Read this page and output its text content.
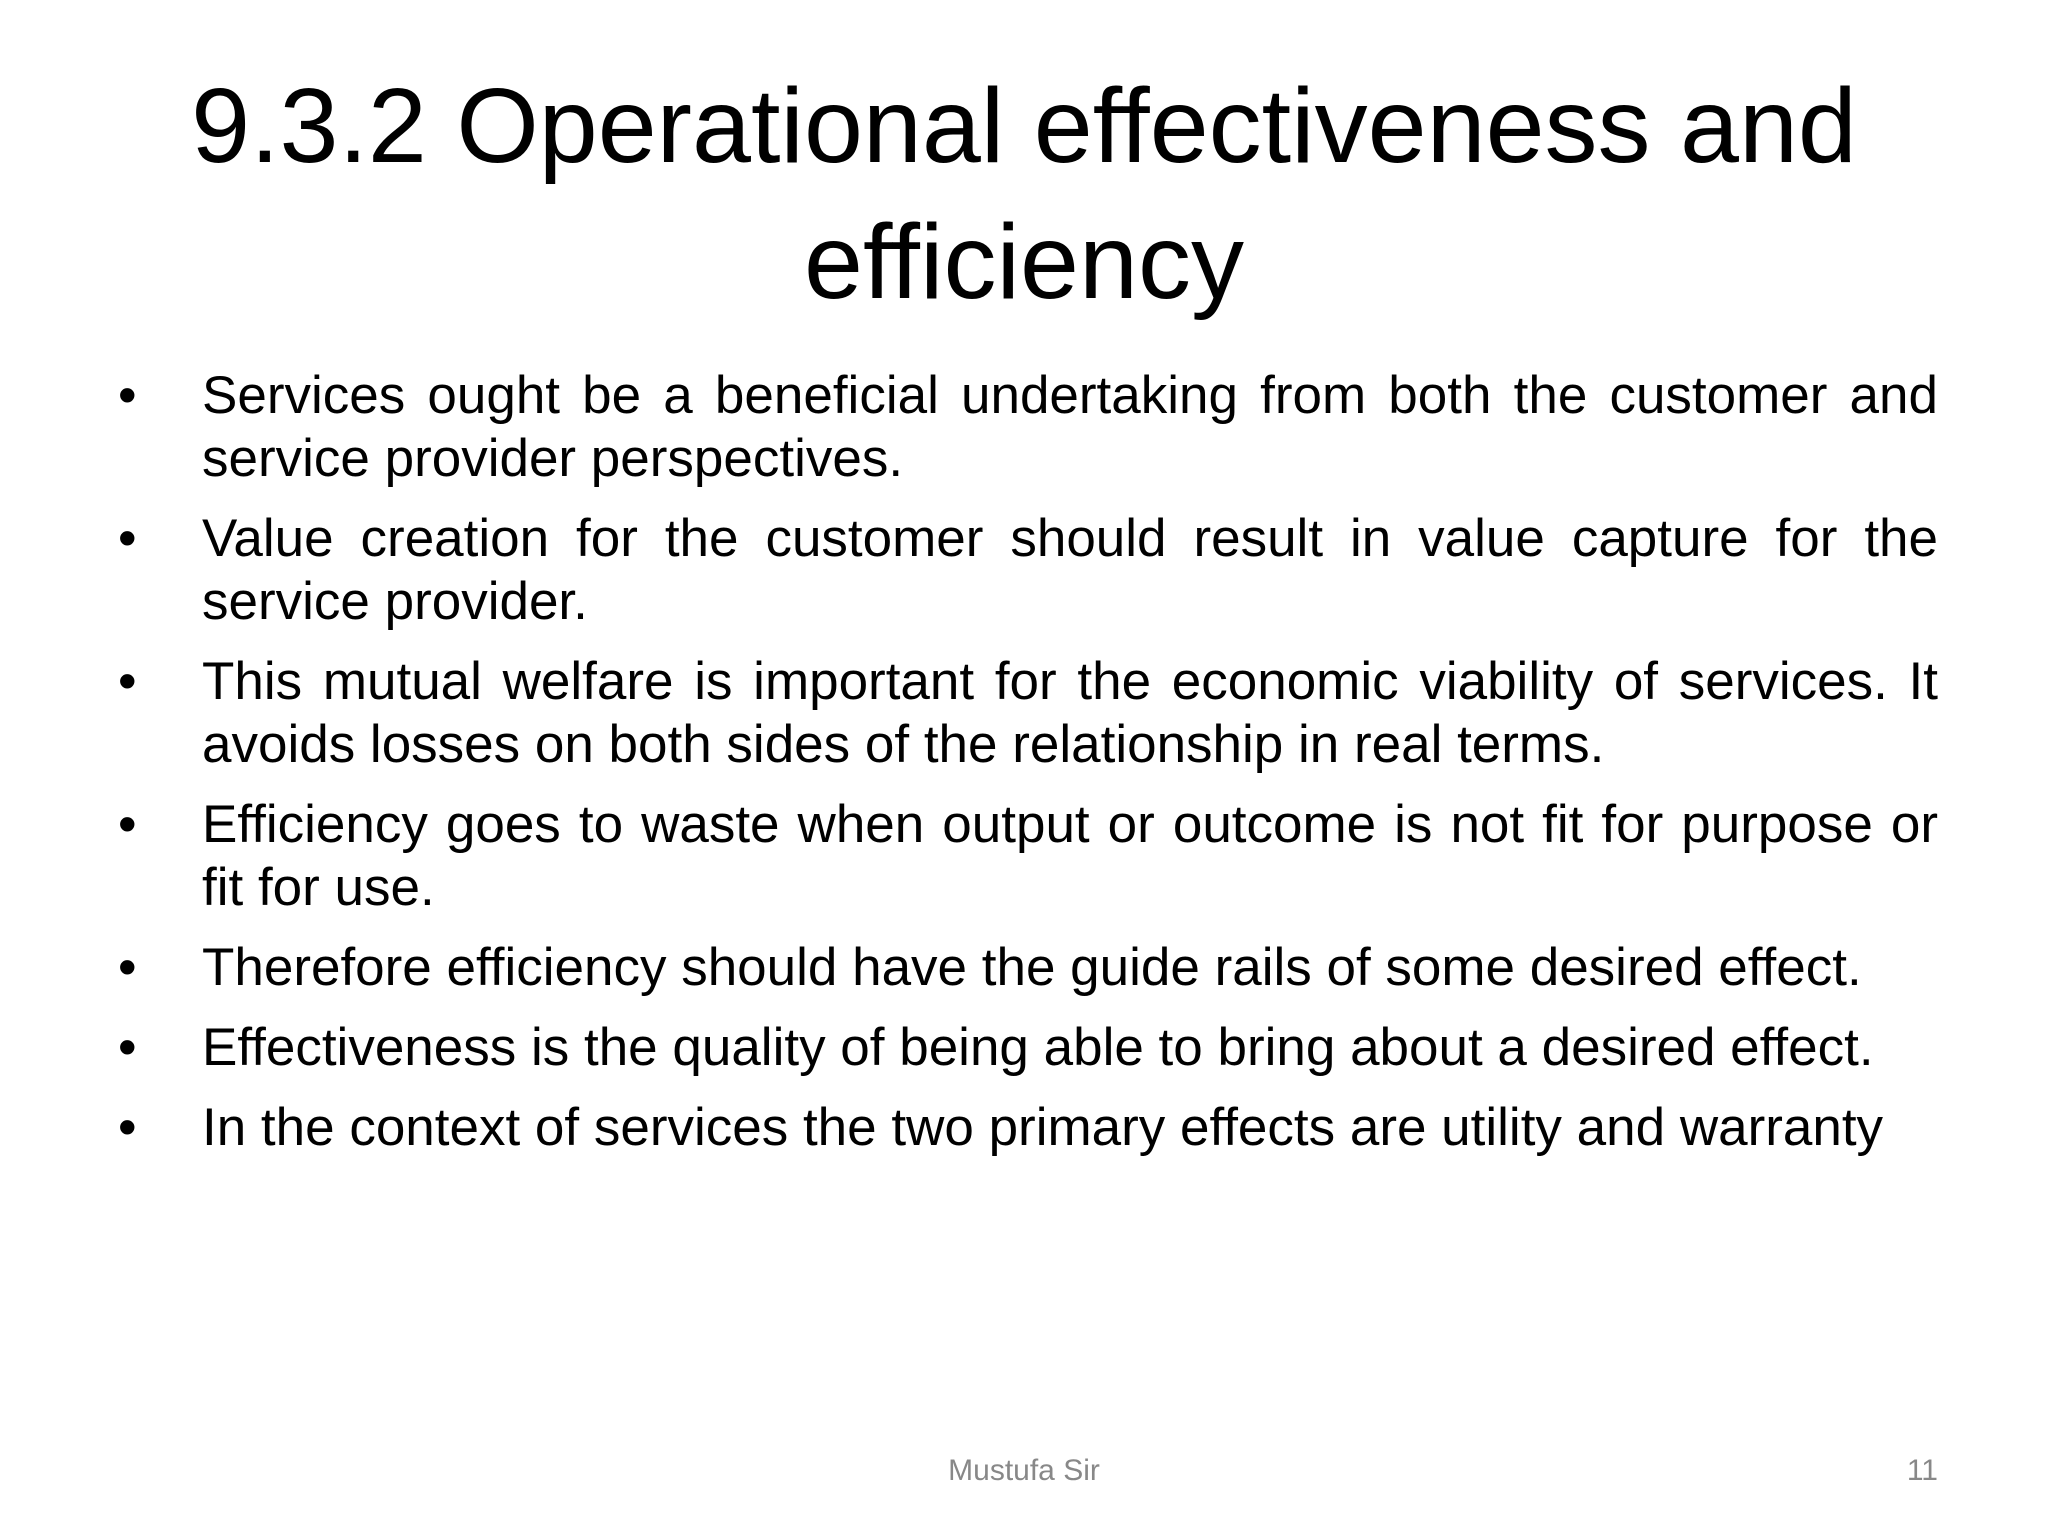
9.3.2 Operational effectiveness and efficiency
• Services ought be a beneficial undertaking from both the customer and service provider perspectives.
• Value creation for the customer should result in value capture for the service provider.
• This mutual welfare is important for the economic viability of services. It avoids losses on both sides of the relationship in real terms.
• Efficiency goes to waste when output or outcome is not fit for purpose or fit for use.
• Therefore efficiency should have the guide rails of some desired effect.
• Effectiveness is the quality of being able to bring about a desired effect.
• In the context of services the two primary effects are utility and warranty
Mustufa Sir	11
